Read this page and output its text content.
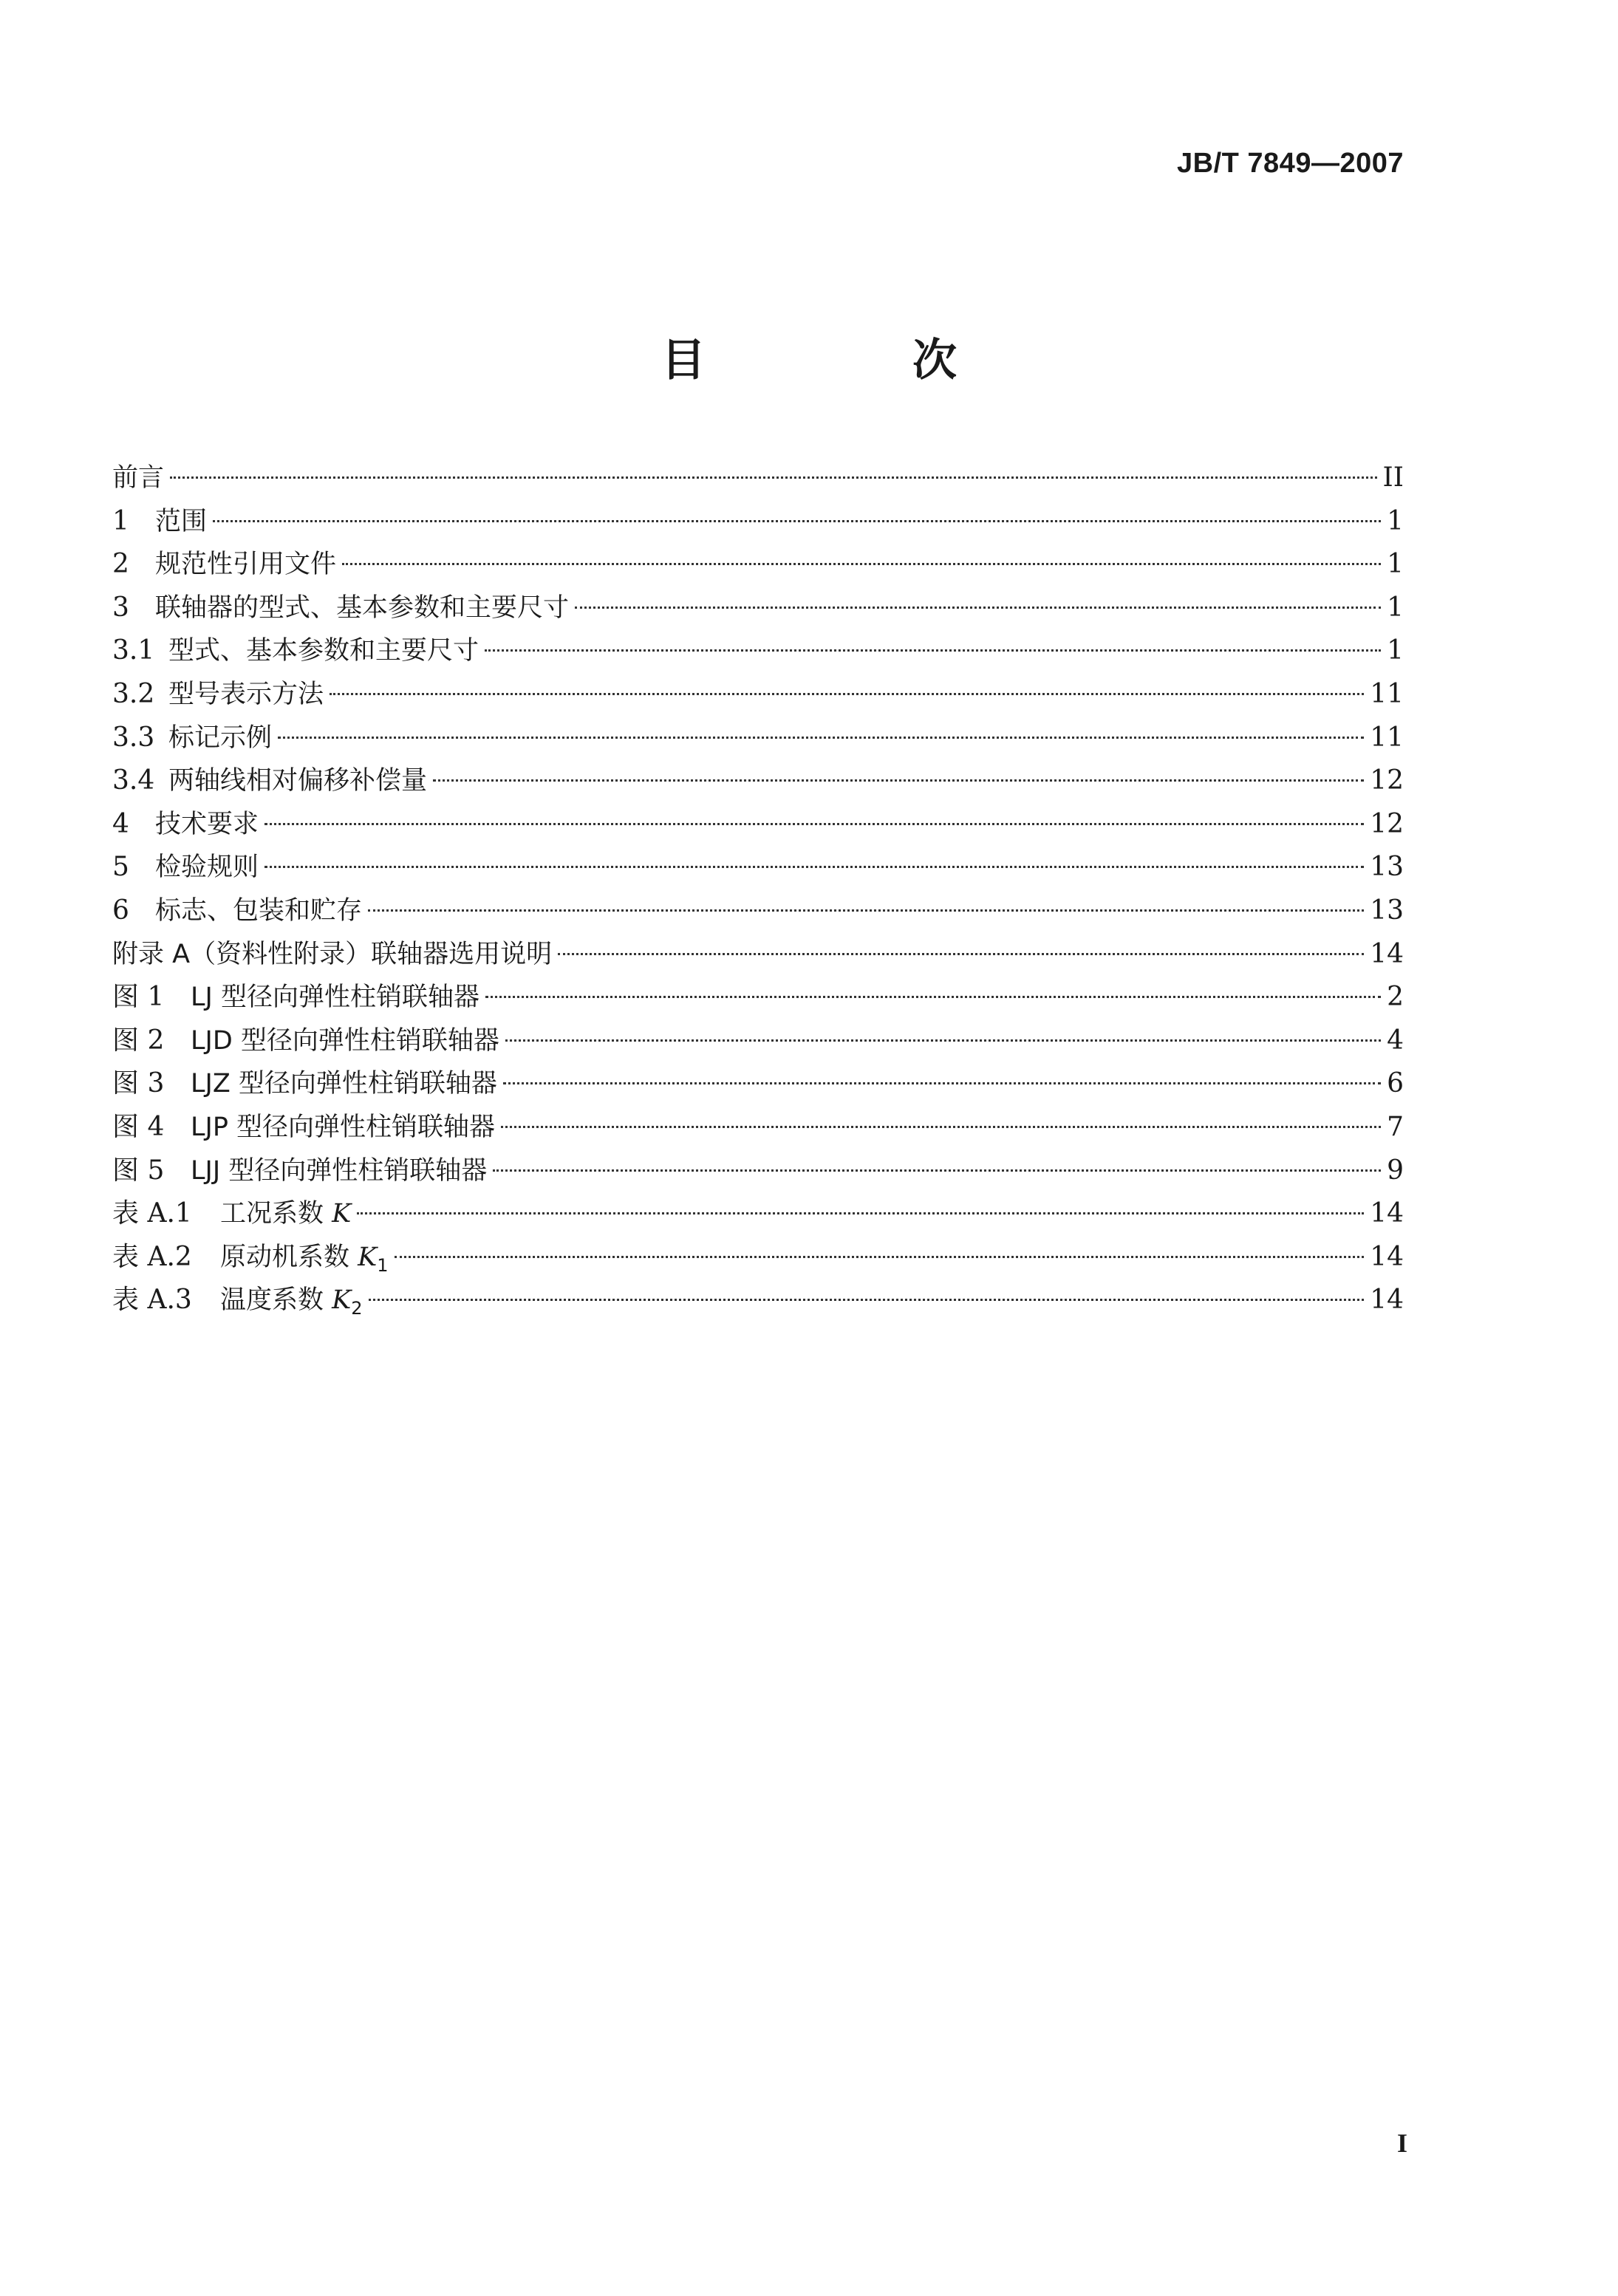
JB/T 7849—2007
目　次
前言	II
1	范围	1
2	规范性引用文件	1
3	联轴器的型式、基本参数和主要尺寸	1
3.1 型式、基本参数和主要尺寸	1
3.2 型号表示方法	11
3.3 标记示例	11
3.4 两轴线相对偏移补偿量	12
4	技术要求	12
5	检验规则	13
6	标志、包装和贮存	13
附录 A（资料性附录）联轴器选用说明	14
图 1	LJ 型径向弹性柱销联轴器	2
图 2	LJD 型径向弹性柱销联轴器	4
图 3	LJZ 型径向弹性柱销联轴器	6
图 4	LJP 型径向弹性柱销联轴器	7
图 5	LJJ 型径向弹性柱销联轴器	9
表 A.1	工况系数 K	14
表 A.2	原动机系数 $K_1$	14
表 A.3	温度系数 $K_2$	14
I
